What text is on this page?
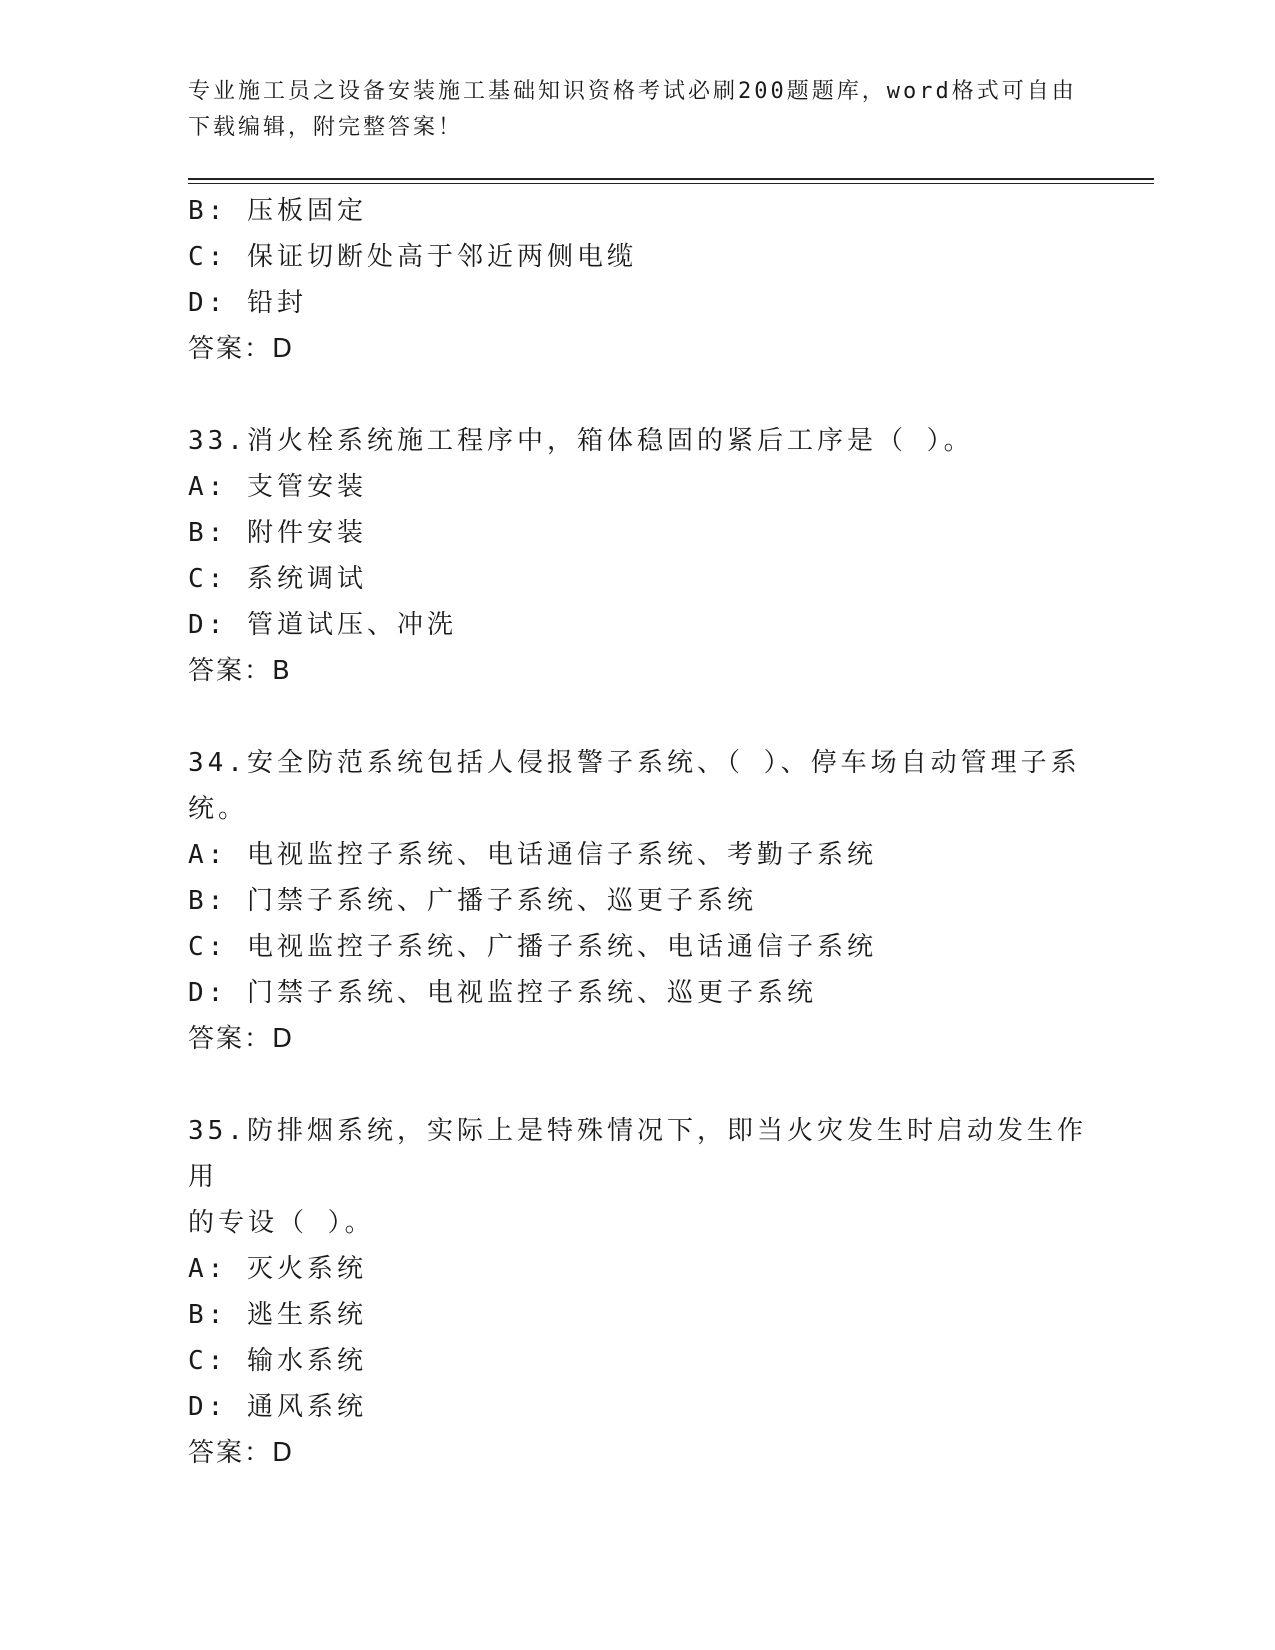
专业施工员之设备安装施工基础知识资格考试必刷200题题库，word格式可自由
下载编辑，附完整答案！
B: 压板固定
C: 保证切断处高于邻近两侧电缆
D: 铅封
答案：D
33.消火栓系统施工程序中，箱体稳固的紧后工序是（ ）。
A: 支管安装
B: 附件安装
C: 系统调试
D: 管道试压、冲洗
答案：B
34.安全防范系统包括人侵报警子系统、（ ）、停车场自动管理子系
统。
A: 电视监控子系统、电话通信子系统、考勤子系统
B: 门禁子系统、广播子系统、巡更子系统
C: 电视监控子系统、广播子系统、电话通信子系统
D: 门禁子系统、电视监控子系统、巡更子系统
答案：D
35.防排烟系统，实际上是特殊情况下，即当火灾发生时启动发生作用
的专设（ ）。
A: 灭火系统
B: 逃生系统
C: 输水系统
D: 通风系统
答案：D
